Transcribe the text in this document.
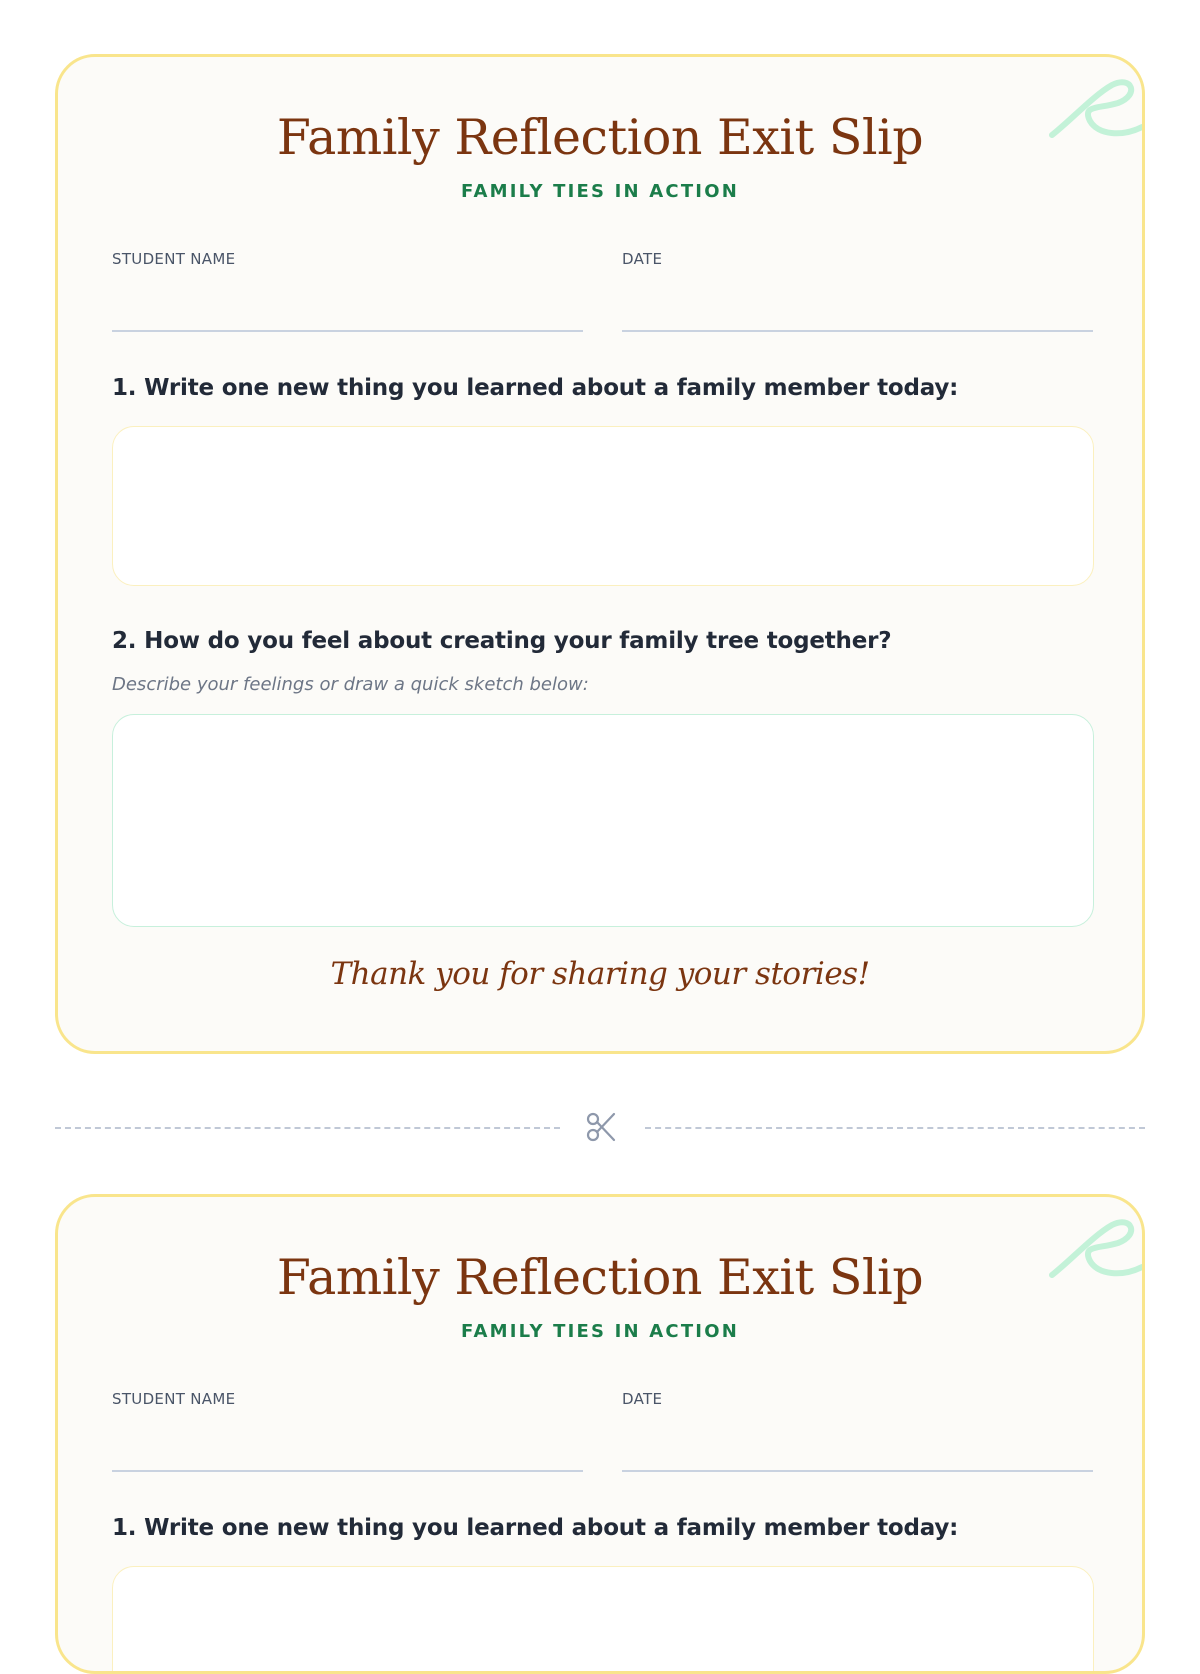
Family Reflection Exit Slip
FAMILY TIES IN ACTION
STUDENT NAME	DATE
1. Write one new thing you learned about a family member today:
2. How do you feel about creating your family tree together?
Describe your feelings or draw a quick sketch below:
Thank you for sharing your stories!
Family Reflection Exit Slip
FAMILY TIES IN ACTION
STUDENT NAME	DATE
1. Write one new thing you learned about a family member today:
